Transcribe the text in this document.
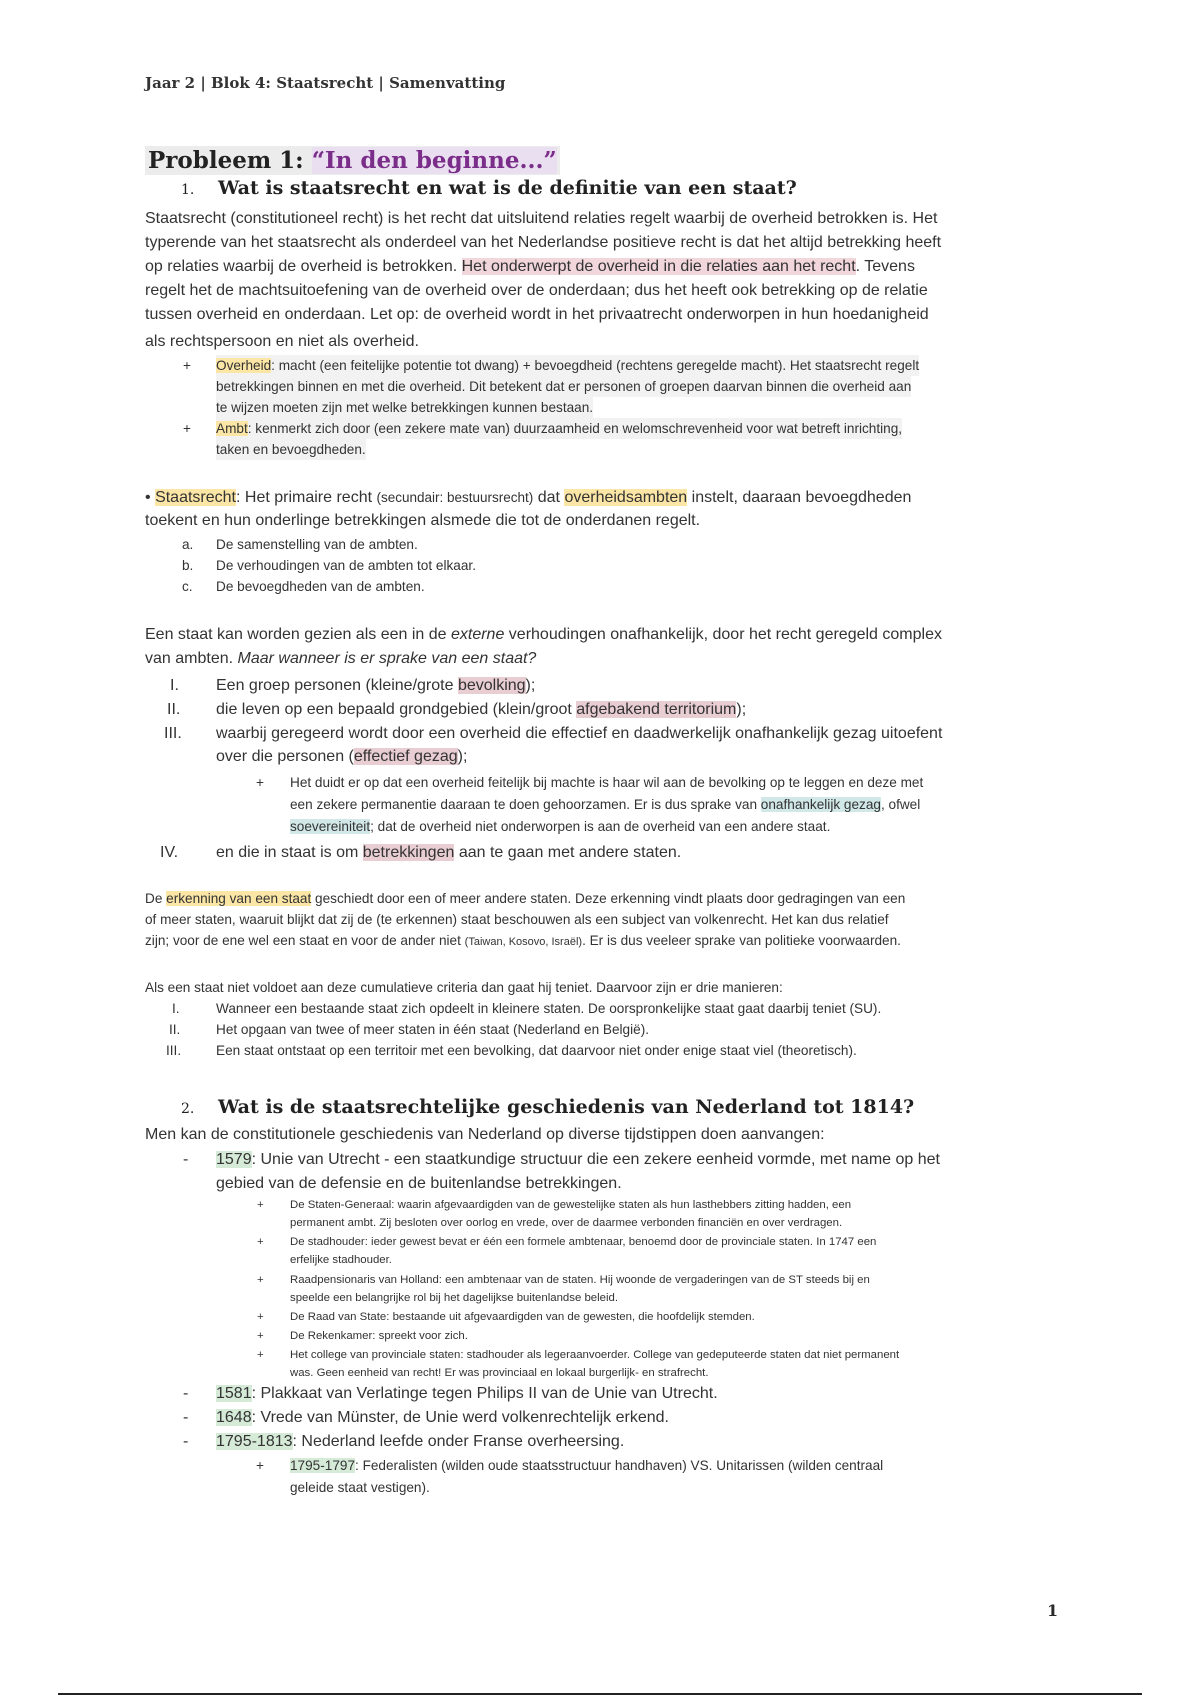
Jaar 2 | Blok 4: Staatsrecht | Samenvatting
Probleem 1: “In den beginne...”
1. Wat is staatsrecht en wat is de definitie van een staat?
Staatsrecht (constitutioneel recht) is het recht dat uitsluitend relaties regelt waarbij de overheid betrokken is. Het
typerende van het staatsrecht als onderdeel van het Nederlandse positieve recht is dat het altijd betrekking heeft
op relaties waarbij de overheid is betrokken. Het onderwerpt de overheid in die relaties aan het recht. Tevens
regelt het de machtsuitoefening van de overheid over de onderdaan; dus het heeft ook betrekking op de relatie
tussen overheid en onderdaan. Let op: de overheid wordt in het privaatrecht onderworpen in hun hoedanigheid
als rechtspersoon en niet als overheid.
+ Overheid: macht (een feitelijke potentie tot dwang) + bevoegdheid (rechtens geregelde macht). Het staatsrecht regelt
betrekkingen binnen en met die overheid. Dit betekent dat er personen of groepen daarvan binnen die overheid aan
te wijzen moeten zijn met welke betrekkingen kunnen bestaan.
+ Ambt: kenmerkt zich door (een zekere mate van) duurzaamheid en welomschrevenheid voor wat betreft inrichting,
taken en bevoegdheden.
• Staatsrecht: Het primaire recht (secundair: bestuursrecht) dat overheidsambten instelt, daaraan bevoegdheden
toekent en hun onderlinge betrekkingen alsmede die tot de onderdanen regelt.
a. De samenstelling van de ambten.
b. De verhoudingen van de ambten tot elkaar.
c. De bevoegdheden van de ambten.
Een staat kan worden gezien als een in de externe verhoudingen onafhankelijk, door het recht geregeld complex
van ambten. Maar wanneer is er sprake van een staat?
I. Een groep personen (kleine/grote bevolking);
II. die leven op een bepaald grondgebied (klein/groot afgebakend territorium);
III. waarbij geregeerd wordt door een overheid die effectief en daadwerkelijk onafhankelijk gezag uitoefent
over die personen (effectief gezag);
+ Het duidt er op dat een overheid feitelijk bij machte is haar wil aan de bevolking op te leggen en deze met
een zekere permanentie daaraan te doen gehoorzamen. Er is dus sprake van onafhankelijk gezag, ofwel
soevereiniteit; dat de overheid niet onderworpen is aan de overheid van een andere staat.
IV. en die in staat is om betrekkingen aan te gaan met andere staten.
De erkenning van een staat geschiedt door een of meer andere staten. Deze erkenning vindt plaats door gedragingen van een
of meer staten, waaruit blijkt dat zij de (te erkennen) staat beschouwen als een subject van volkenrecht. Het kan dus relatief
zijn; voor de ene wel een staat en voor de ander niet (Taiwan, Kosovo, Israël). Er is dus veeleer sprake van politieke voorwaarden.
Als een staat niet voldoet aan deze cumulatieve criteria dan gaat hij teniet. Daarvoor zijn er drie manieren:
I.	Wanneer een bestaande staat zich opdeelt in kleinere staten. De oorspronkelijke staat gaat daarbij teniet (SU).
II.	Het opgaan van twee of meer staten in één staat (Nederland en België).
III.	Een staat ontstaat op een territoir met een bevolking, dat daarvoor niet onder enige staat viel (theoretisch).
2. Wat is de staatsrechtelijke geschiedenis van Nederland tot 1814?
Men kan de constitutionele geschiedenis van Nederland op diverse tijdstippen doen aanvangen:
- 1579: Unie van Utrecht - een staatkundige structuur die een zekere eenheid vormde, met name op het
gebied van de defensie en de buitenlandse betrekkingen.
+ De Staten-Generaal: waarin afgevaardigden van de gewestelijke staten als hun lasthebbers zitting hadden, een
permanent ambt. Zij besloten over oorlog en vrede, over de daarmee verbonden financiën en over verdragen.
+ De stadhouder: ieder gewest bevat er één een formele ambtenaar, benoemd door de provinciale staten. In 1747 een
erfelijke stadhouder.
+ Raadpensionaris van Holland: een ambtenaar van de staten. Hij woonde de vergaderingen van de ST steeds bij en
speelde een belangrijke rol bij het dagelijkse buitenlandse beleid.
+ De Raad van State: bestaande uit afgevaardigden van de gewesten, die hoofdelijk stemden.
+ De Rekenkamer: spreekt voor zich.
+ Het college van provinciale staten: stadhouder als legeraanvoerder. College van gedeputeerde staten dat niet permanent
was. Geen eenheid van recht! Er was provinciaal en lokaal burgerlijk- en strafrecht.
- 1581: Plakkaat van Verlatinge tegen Philips II van de Unie van Utrecht.
- 1648: Vrede van Münster, de Unie werd volkenrechtelijk erkend.
- 1795-1813: Nederland leefde onder Franse overheersing.
+ 1795-1797: Federalisten (wilden oude staatsstructuur handhaven) VS. Unitarissen (wilden centraal
geleide staat vestigen).
1
